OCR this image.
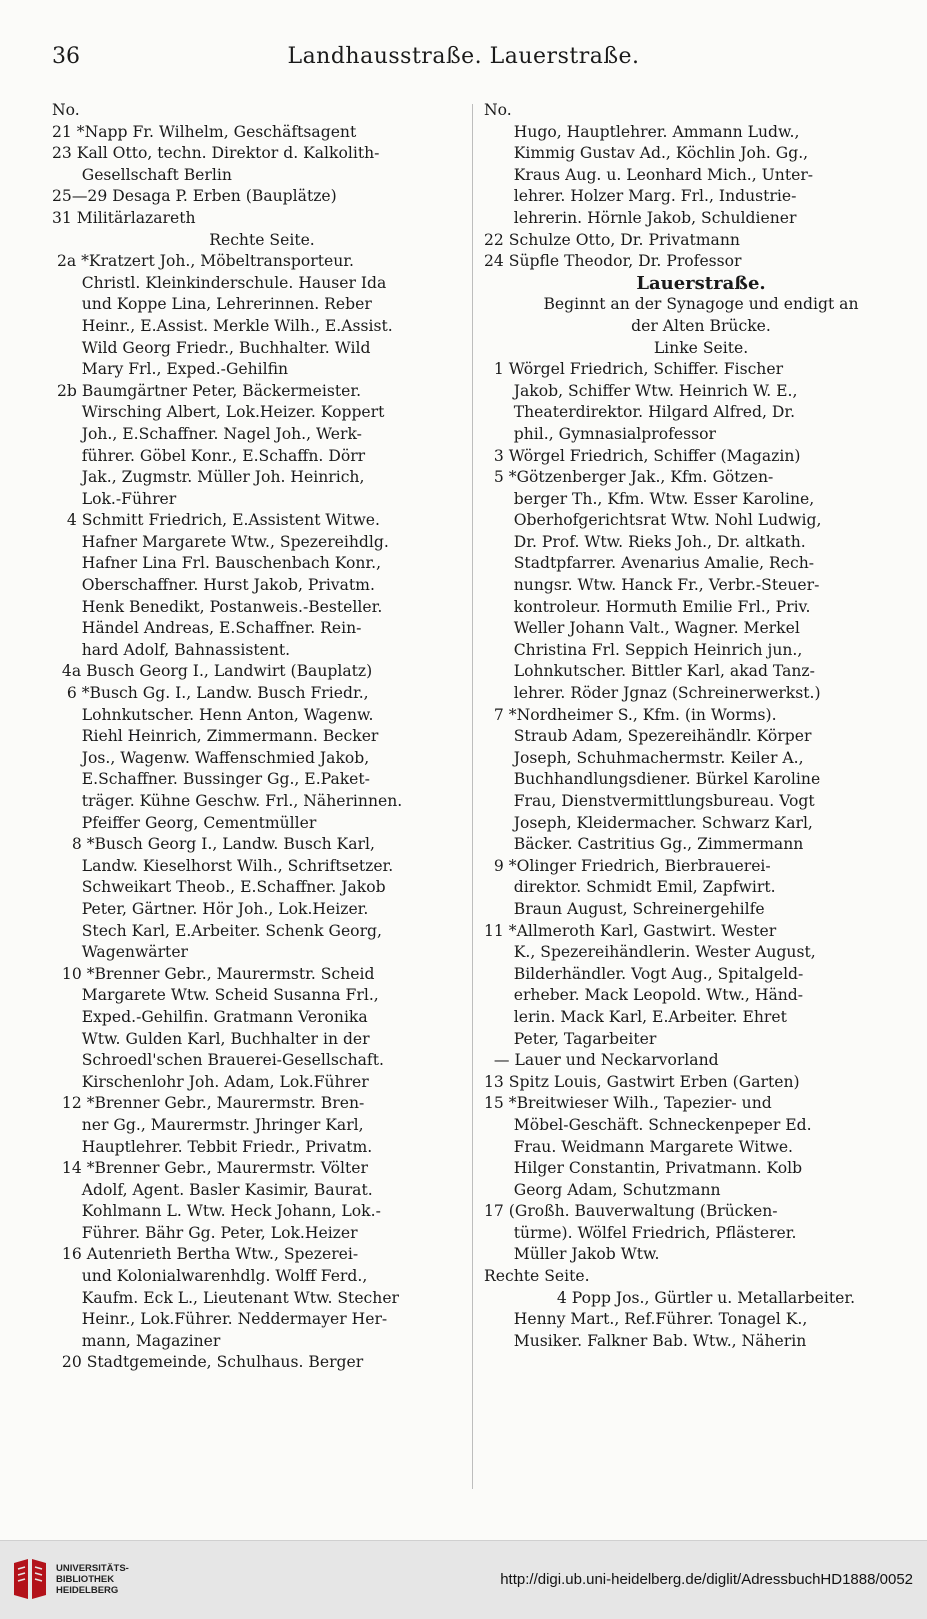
36	Landhausstraße. Lauerstraße.
No.
21 *Napp Fr. Wilhelm, Geschäftsagent
23 Kall Otto, techn. Direktor d. Kalkolith-
Gesellschaft Berlin
25—29 Desaga P. Erben (Bauplätze)
31 Militärlazareth
Rechte Seite.
2a *Kratzert Joh., Möbeltransporteur.
Christl. Kleinkinderschule. Hauser Ida
und Koppe Lina, Lehrerinnen. Reber
Heinr., E.Assist. Merkle Wilh., E.Assist.
Wild Georg Friedr., Buchhalter. Wild
Mary Frl., Exped.-Gehilfin
2b Baumgärtner Peter, Bäckermeister.
Wirsching Albert, Lok.Heizer. Koppert
Joh., E.Schaffner. Nagel Joh., Werk-
führer. Göbel Konr., E.Schaffn. Dörr
Jak., Zugmstr. Müller Joh. Heinrich,
Lok.-Führer
4 Schmitt Friedrich, E.Assistent Witwe.
Hafner Margarete Wtw., Spezereihdlg.
Hafner Lina Frl. Bauschenbach Konr.,
Oberschaffner. Hurst Jakob, Privatm.
Henk Benedikt, Postanweis.-Besteller.
Händel Andreas, E.Schaffner. Rein-
hard Adolf, Bahnassistent.
4a Busch Georg I., Landwirt (Bauplatz)
6 *Busch Gg. I., Landw. Busch Friedr.,
Lohnkutscher. Henn Anton, Wagenw.
Riehl Heinrich, Zimmermann. Becker
Jos., Wagenw. Waffenschmied Jakob,
E.Schaffner. Bussinger Gg., E.Paket-
träger. Kühne Geschw. Frl., Näherinnen.
Pfeiffer Georg, Cementmüller
8 *Busch Georg I., Landw. Busch Karl,
Landw. Kieselhorst Wilh., Schriftsetzer.
Schweikart Theob., E.Schaffner. Jakob
Peter, Gärtner. Hör Joh., Lok.Heizer.
Stech Karl, E.Arbeiter. Schenk Georg,
Wagenwärter
10 *Brenner Gebr., Maurermstr. Scheid
Margarete Wtw. Scheid Susanna Frl.,
Exped.-Gehilfin. Gratmann Veronika
Wtw. Gulden Karl, Buchhalter in der
Schroedl'schen Brauerei-Gesellschaft.
Kirschenlohr Joh. Adam, Lok.Führer
12 *Brenner Gebr., Maurermstr. Bren-
ner Gg., Maurermstr. Jhringer Karl,
Hauptlehrer. Tebbit Friedr., Privatm.
14 *Brenner Gebr., Maurermstr. Völter
Adolf, Agent. Basler Kasimir, Baurat.
Kohlmann L. Wtw. Heck Johann, Lok.-
Führer. Bähr Gg. Peter, Lok.Heizer
16 Autenrieth Bertha Wtw., Spezerei-
und Kolonialwarenhdlg. Wolff Ferd.,
Kaufm. Eck L., Lieutenant Wtw. Stecher
Heinr., Lok.Führer. Neddermayer Her-
mann, Magaziner
20 Stadtgemeinde, Schulhaus. Berger
No.
Hugo, Hauptlehrer. Ammann Ludw.,
Kimmig Gustav Ad., Köchlin Joh. Gg.,
Kraus Aug. u. Leonhard Mich., Unter-
lehrer. Holzer Marg. Frl., Industrie-
lehrerin. Hörnle Jakob, Schuldiener
22 Schulze Otto, Dr. Privatmann
24 Süpfle Theodor, Dr. Professor
Lauerstraße.
Beginnt an der Synagoge und endigt an
der Alten Brücke.
Linke Seite.
1 Wörgel Friedrich, Schiffer. Fischer
Jakob, Schiffer Wtw. Heinrich W. E.,
Theaterdirektor. Hilgard Alfred, Dr.
phil., Gymnasialprofessor
3 Wörgel Friedrich, Schiffer (Magazin)
5 *Götzenberger Jak., Kfm. Götzen-
berger Th., Kfm. Wtw. Esser Karoline,
Oberhofgerichtsrat Wtw. Nohl Ludwig,
Dr. Prof. Wtw. Rieks Joh., Dr. altkath.
Stadtpfarrer. Avenarius Amalie, Rech-
nungsr. Wtw. Hanck Fr., Verbr.-Steuer-
kontroleur. Hormuth Emilie Frl., Priv.
Weller Johann Valt., Wagner. Merkel
Christina Frl. Seppich Heinrich jun.,
Lohnkutscher. Bittler Karl, akad Tanz-
lehrer. Röder Jgnaz (Schreinerwerkst.)
7 *Nordheimer S., Kfm. (in Worms).
Straub Adam, Spezereihändlr. Körper
Joseph, Schuhmachermstr. Keiler A.,
Buchhandlungsdiener. Bürkel Karoline
Frau, Dienstvermittlungsbureau. Vogt
Joseph, Kleidermacher. Schwarz Karl,
Bäcker. Castritius Gg., Zimmermann
9 *Olinger Friedrich, Bierbrauerei-
direktor. Schmidt Emil, Zapfwirt.
Braun August, Schreinergehilfe
11 *Allmeroth Karl, Gastwirt. Wester
K., Spezereihändlerin. Wester August,
Bilderhändler. Vogt Aug., Spitalgeld-
erheber. Mack Leopold. Wtw., Händ-
lerin. Mack Karl, E.Arbeiter. Ehret
Peter, Tagarbeiter
— Lauer und Neckarvorland
13 Spitz Louis, Gastwirt Erben (Garten)
15 *Breitwieser Wilh., Tapezier- und
Möbel-Geschäft. Schneckenpeper Ed.
Frau. Weidmann Margarete Witwe.
Hilger Constantin, Privatmann. Kolb
Georg Adam, Schutzmann
17 (Großh. Bauverwaltung (Brücken-
türme). Wölfel Friedrich, Pflästerer.
Müller Jakob Wtw.
Rechte Seite.
4 Popp Jos., Gürtler u. Metallarbeiter.
Henny Mart., Ref.Führer. Tonagel K.,
Musiker. Falkner Bab. Wtw., Näherin
UNIVERSITÄTS-
BIBLIOTHEK
HEIDELBERG
http://digi.ub.uni-heidelberg.de/diglit/AdressbuchHD1888/0052
